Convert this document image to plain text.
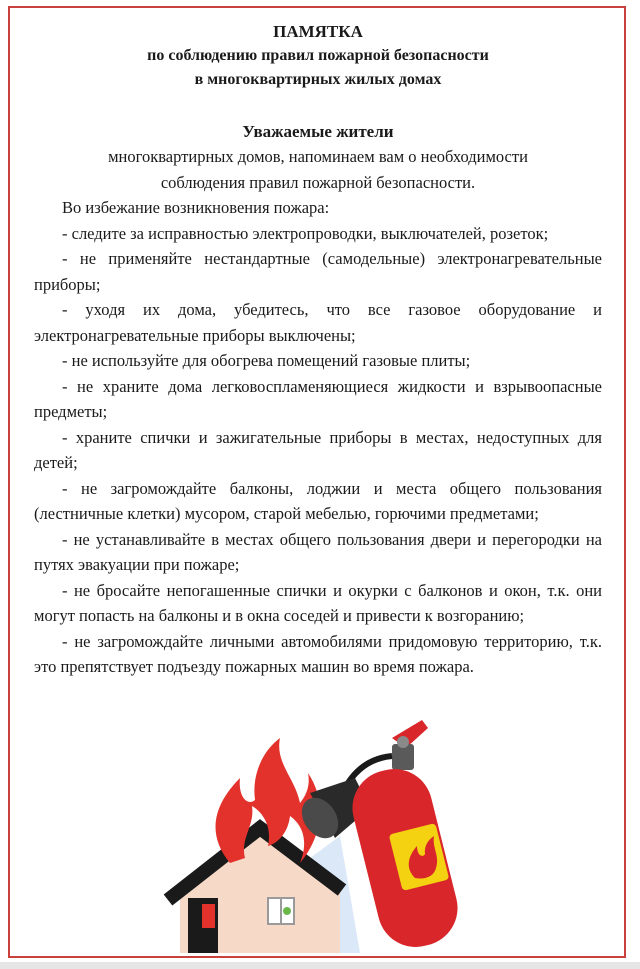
ПАМЯТКА

по соблюдению правил пожарной безопасности

в многоквартирных жилых домах

Уважаемые жители

многоквартирных домов, напоминаем вам о необходимости

соблюдения правил пожарной безопасности.

Во избежание возникновения пожара:

- следите за исправностью электропроводки, выключателей, розеток;

- не применяйте нестандартные (самодельные) электронагревательные приборы;

- уходя их дома, убедитесь, что все газовое оборудование и электронагревательные приборы выключены;

- не используйте для обогрева помещений газовые плиты;

- не храните дома легковоспламеняющиеся жидкости и взрывоопасные предметы;

- храните спички и зажигательные приборы в местах, недоступных для детей;

- не загромождайте балконы, лоджии и места общего пользования (лестничные клетки) мусором, старой мебелью, горючими предметами;

- не устанавливайте в местах общего пользования двери и перегородки на путях эвакуации при пожаре;

- не бросайте непогашенные спички и окурки с балконов и окон, т.к. они могут попасть на балконы и в окна соседей и привести к возгоранию;

- не загромождайте личными автомобилями придомовую территорию, т.к. это препятствует подъезду пожарных машин во время пожара.
